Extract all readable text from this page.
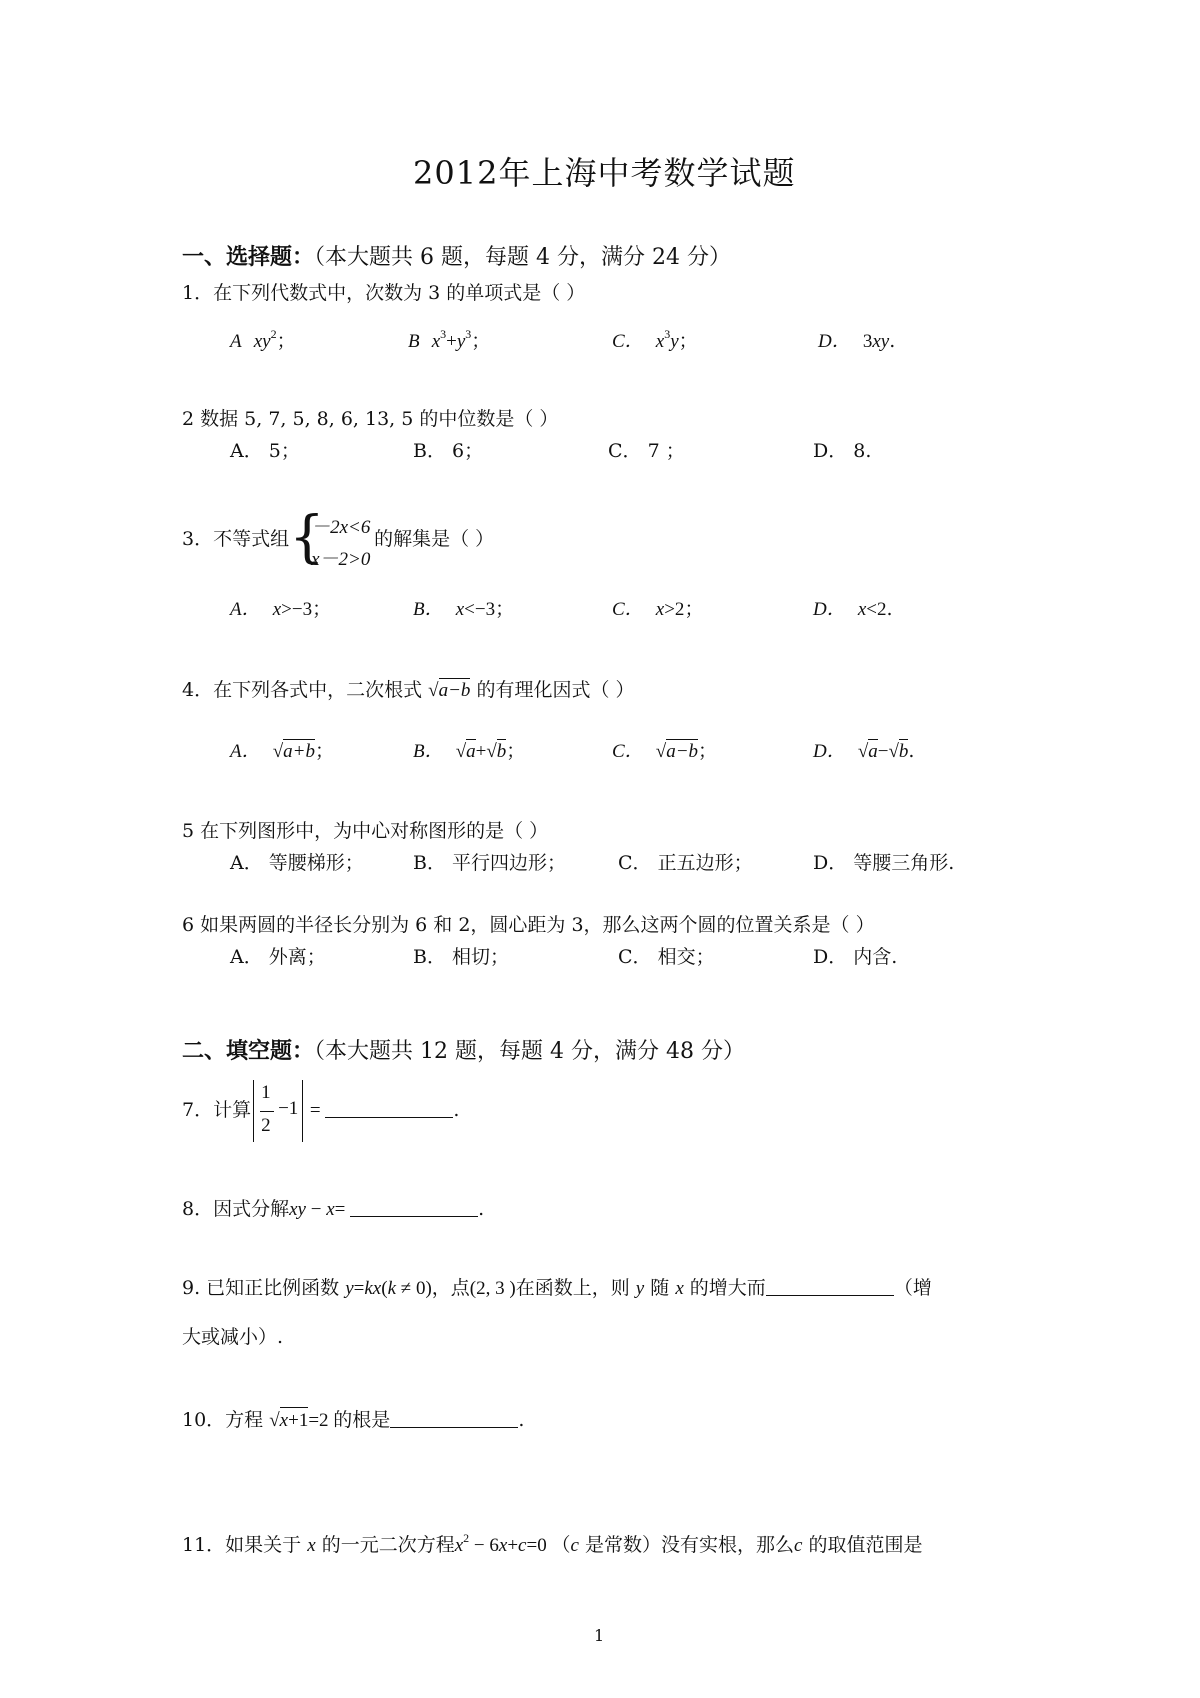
2012年上海中考数学试题
一、选择题：（本大题共 6 题，每题 4 分，满分 24 分）
1．在下列代数式中，次数为 3 的单项式是（ ）
A $xy^2$；	B $x^3+y^3$；	C． $x^3y$；	D． 3xy.
2 数据 5, 7, 5, 8, 6, 13, 5 的中位数是（ ）
A． 5；	B． 6；	C． 7 ；	D． 8.
3．不等式组 {
－2x<6
x－2>0
的解集是（ ）
A． x>−3；	B． x<−3；	C． x>2；	D． x<2.
4．在下列各式中，二次根式 √a−b 的有理化因式（ ）
A． √a+b；	B． √a+√b；	C． √a−b；	D． √a−√b.
5 在下列图形中，为中心对称图形的是（ ）
A． 等腰梯形；	B． 平行四边形；	C． 正五边形；	D． 等腰三角形.
6 如果两圆的半径长分别为 6 和 2，圆心距为 3，那么这两个圆的位置关系是（ ）
A． 外离；	B． 相切；	C． 相交；	D． 内含.
二、填空题：（本大题共 12 题，每题 4 分，满分 48 分）
7．计算
1
2
−1 =	.
8．因式分解xy − x=	.
9. 已知正比例函数 y=kx(k ≠ 0)，点(2, 3 )在函数上，则 y 随 x 的增大而	（增
大或减小）.
10．方程 √x+1=2 的根是	.
11．如果关于 x 的一元二次方程$x^2 - 6x+c=0$ （c 是常数）没有实根，那么c 的取值范围是
1
